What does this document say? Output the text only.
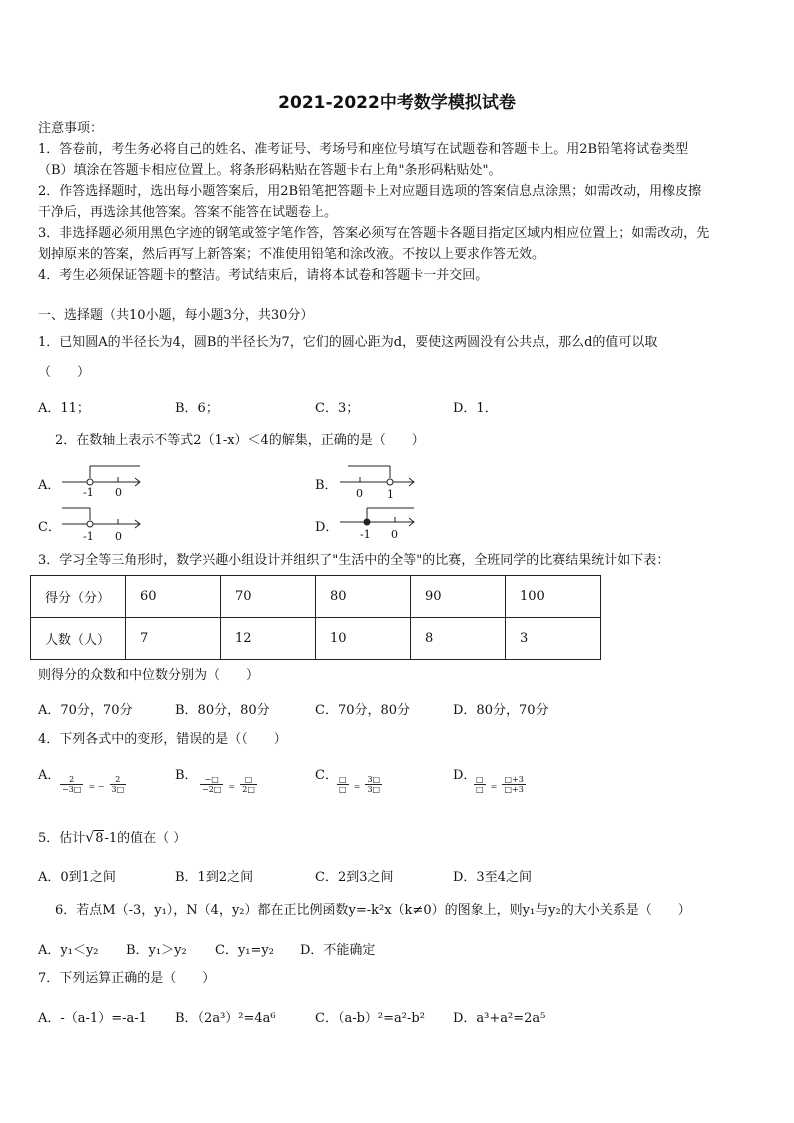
2021-2022中考数学模拟试卷
注意事项：
1．答卷前，考生务必将自己的姓名、准考证号、考场号和座位号填写在试题卷和答题卡上。用2B铅笔将试卷类型
（B）填涂在答题卡相应位置上。将条形码粘贴在答题卡右上角"条形码粘贴处"。
2．作答选择题时，选出每小题答案后，用2B铅笔把答题卡上对应题目选项的答案信息点涂黑；如需改动，用橡皮擦
干净后，再选涂其他答案。答案不能答在试题卷上。
3．非选择题必须用黑色字迹的钢笔或签字笔作答，答案必须写在答题卡各题目指定区域内相应位置上；如需改动，先
划掉原来的答案，然后再写上新答案；不准使用铅笔和涂改液。不按以上要求作答无效。
4．考生必须保证答题卡的整洁。考试结束后，请将本试卷和答题卡一并交回。
一、选择题（共10小题，每小题3分，共30分）
1．已知圆A的半径长为4，圆B的半径长为7，它们的圆心距为d，要使这两圆没有公共点，那么d的值可以取
（　　）
A．11；	B．6；	C．3；	D．1．
2．在数轴上表示不等式2（1-x）＜4的解集，正确的是（　　）
A． -1 0	B．
0 1
C．
-1 0
D． -1 0
3．学习全等三角形时，数学兴趣小组设计并组织了"生活中的全等"的比赛，全班同学的比赛结果统计如下表：
得分（分）	60	70	80	90	100
人数（人）	7	12	10	8	3
则得分的众数和中位数分别为（　　）
A．70分，70分	B．80分，80分	C．70分，80分	D．80分，70分
4．下列各式中的变形，错误的是（（　　）
A． $\frac{2}{-3□}$ = − $\frac{2}{3□}$	B． $\frac{-□}{-2□} = \frac{□}{2□}$	C． $\frac{□}{□} = \frac{3□}{3□}$	D．
$\frac{□}{□} = \frac{□+3}{□+3}$
5．估计√8-1的值在（ ）
A．0到1之间	B．1到2之间	C．2到3之间	D．3至4之间
6．若点M（-3，y₁），N（4，y₂）都在正比例函数y=-k²x（k≠0）的图象上，则y₁与y₂的大小关系是（　　）
A．y₁＜y₂ B．y₁＞y₂ C．y₁=y₂ D．不能确定
7．下列运算正确的是（　　）
A．-（a-1）=-a-1 B．（2a³）²=4a⁶	C．（a-b）²=a²-b² D．a³+a²=2a⁵
